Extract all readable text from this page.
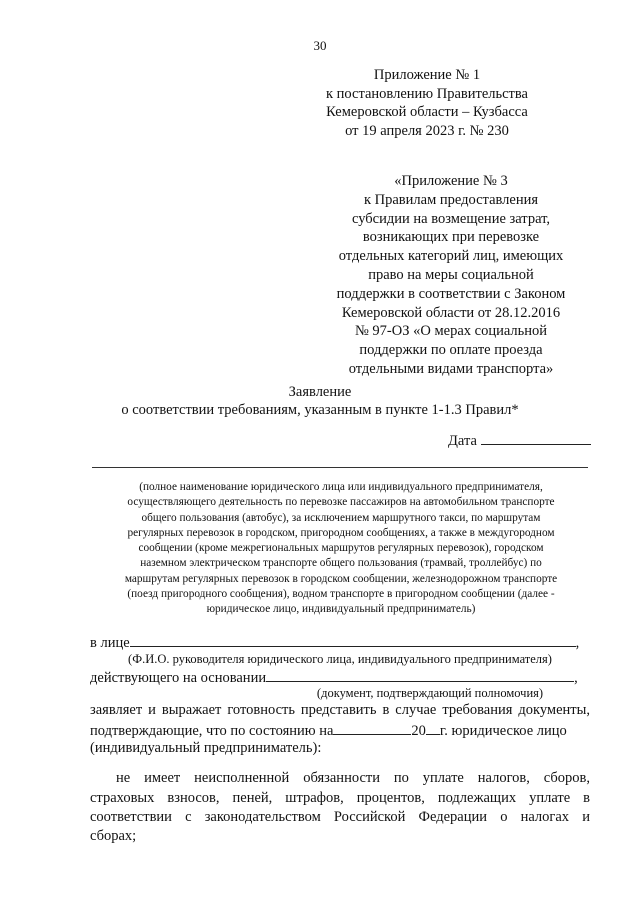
30
Приложение № 1
к постановлению Правительства
Кемеровской области – Кузбасса
от 19 апреля 2023 г. № 230
«Приложение № 3
к Правилам предоставления
субсидии на возмещение затрат,
возникающих при перевозке
отдельных категорий лиц, имеющих
право на меры социальной
поддержки в соответствии с Законом
Кемеровской области от 28.12.2016
№ 97-ОЗ «О мерах социальной
поддержки по оплате проезда
отдельными видами транспорта»
Заявление
о соответствии требованиям, указанным в пункте 1-1.3 Правил*
Дата
(полное наименование юридического лица или индивидуального предпринимателя,
осуществляющего деятельность по перевозке пассажиров на автомобильном транспорте
общего пользования (автобус), за исключением маршрутного такси, по маршрутам
регулярных перевозок в городском, пригородном сообщениях, а также в междугородном
сообщении (кроме межрегиональных маршрутов регулярных перевозок), городском
наземном электрическом транспорте общего пользования (трамвай, троллейбус) по
маршрутам регулярных перевозок в городском сообщении, железнодорожном транспорте
(поезд пригородного сообщения), водном транспорте в пригородном сообщении (далее -
юридическое лицо, индивидуальный предприниматель)
в лице	,
(Ф.И.О. руководителя юридического лица, индивидуального предпринимателя)
действующего на основании	,
(документ, подтверждающий полномочия)
заявляет и выражает готовность представить в случае требования документы,
подтверждающие, что по состоянию на	20 г. юридическое лицо
(индивидуальный предприниматель):
не имеет неисполненной обязанности по уплате налогов, сборов,
страховых взносов, пеней, штрафов, процентов, подлежащих уплате в
соответствии с законодательством Российской Федерации о налогах и
сборах;
